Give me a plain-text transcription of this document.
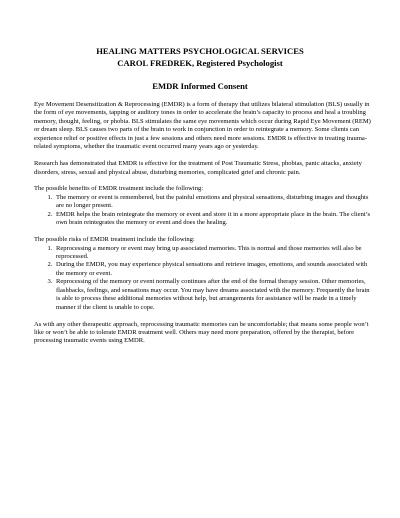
HEALING MATTERS PSYCHOLOGICAL SERVICES
CAROL FREDREK, Registered Psychologist
EMDR Informed Consent

Eye Movement Desensitization & Reprocessing (EMDR) is a form of therapy that utilizes bilateral stimulation (BLS) usually in the form of eye movements, tapping or auditory tones in order to accelerate the brain’s capacity to process and heal a troubling memory, thought, feeling, or phobia. BLS stimulates the same eye movements which occur during Rapid Eye Movement (REM) or dream sleep. BLS causes two parts of the brain to work in conjunction in order to reintegrate a memory. Some clients can experience relief or positive effects in just a few sessions and others need more sessions. EMDR is effective in treating trauma-related symptoms, whether the traumatic event occurred many years ago or yesterday.

Research has demonstrated that EMDR is effective for the treatment of Post Traumatic Stress, phobias, panic attacks, anxiety disorders, stress, sexual and physical abuse, disturbing memories, complicated grief and chronic pain.

The possible benefits of EMDR treatment include the following:

1. The memory or event is remembered, but the painful emotions and physical sensations, disturbing images and thoughts are no longer present.
2. EMDR helps the brain reintegrate the memory or event and store it in a more appropriate place in the brain. The client’s own brain reintegrates the memory or event and does the healing.

The possible risks of EMDR treatment include the following:

1. Reprocessing a memory or event may bring up associated memories. This is normal and those memories will also be reprocessed.
2. During the EMDR, you may experience physical sensations and retrieve images, emotions, and sounds associated with the memory or event.
3. Reprocessing of the memory or event normally continues after the end of the formal therapy session. Other memories, flashbacks, feelings, and sensations may occur. You may have dreams associated with the memory. Frequently the brain is able to process these additional memories without help, but arrangements for assistance will be made in a timely manner if the client is unable to cope.

As with any other therapeutic approach, reprocessing traumatic memories can be uncomfortable; that means some people won’t like or won’t be able to tolerate EMDR treatment well. Others may need more preparation, offered by the therapist, before processing traumatic events using EMDR.
